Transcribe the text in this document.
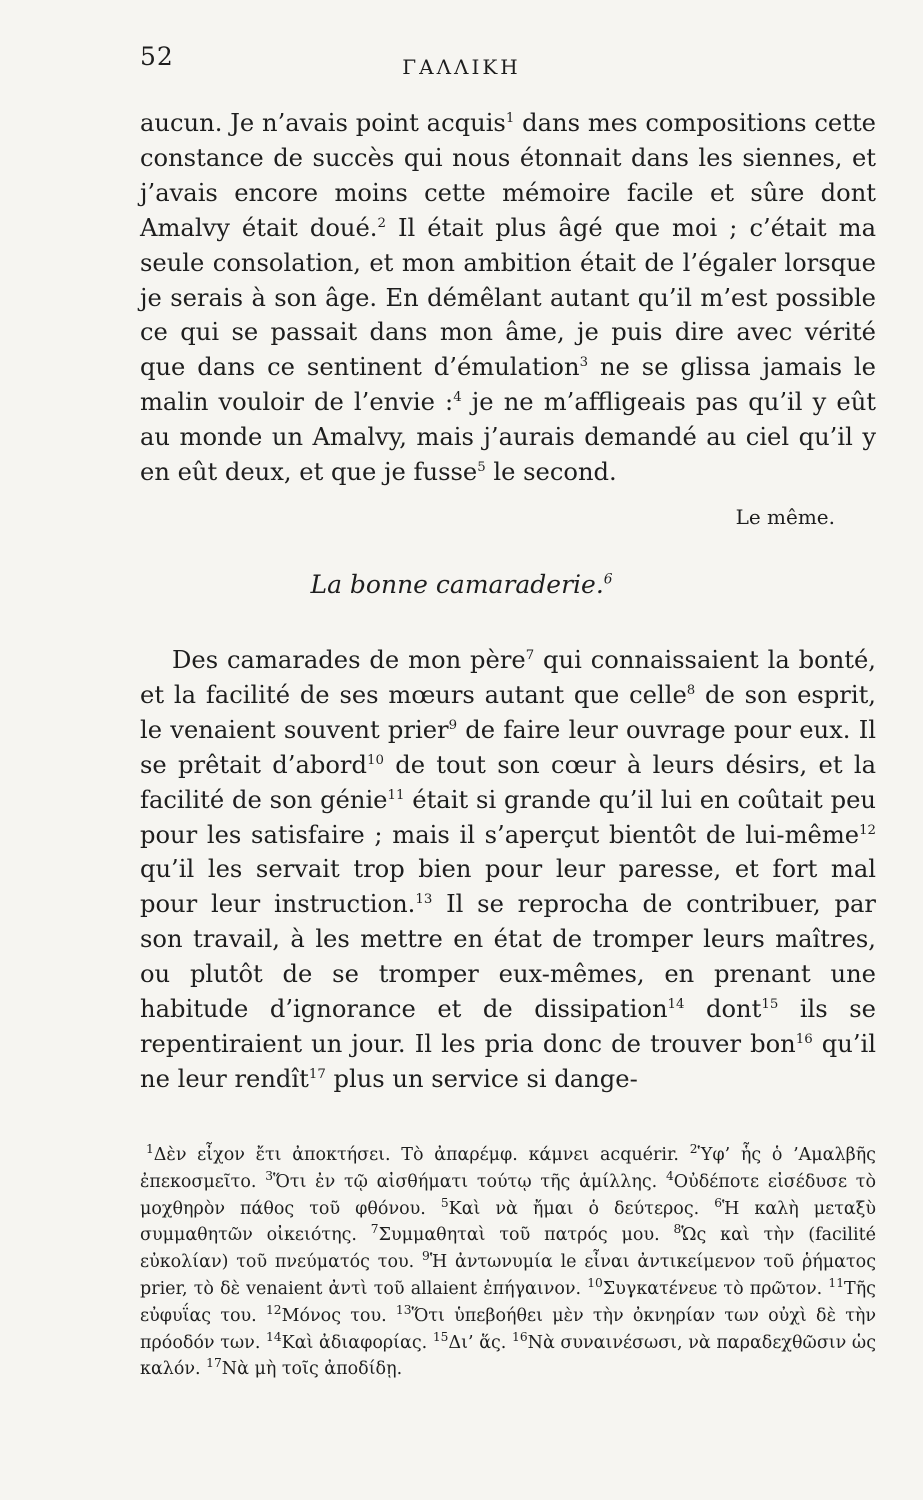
52	ΓΑΛΛΙΚΗ

aucun. Je n’avais point acquis$^1$ dans mes compositions cette constance de succès qui nous étonnait dans les siennes, et j’avais encore moins cette mémoire facile et sûre dont Amalvy était doué.$^2$ Il était plus âgé que moi ; c’était ma seule consolation, et mon ambition était de l’égaler lorsque je serais à son âge. En démêlant autant qu’il m’est possible ce qui se passait dans mon âme, je puis dire avec vérité que dans ce sentinent d’émulation$^3$ ne se glissa jamais le malin vouloir de l’envie :$^4$ je ne m’affligeais pas qu’il y eût au monde un Amalvy, mais j’aurais demandé au ciel qu’il y en eût deux, et que je fusse$^5$ le second.

Le même.
La bonne camaraderie.$^6$

Des camarades de mon père$^7$ qui connaissaient la bonté, et la facilité de ses mœurs autant que celle$^8$ de son esprit, le venaient souvent prier$^9$ de faire leur ouvrage pour eux. Il se prêtait d’abord$^{10}$ de tout son cœur à leurs désirs, et la facilité de son génie$^{11}$ était si grande qu’il lui en coûtait peu pour les satisfaire ; mais il s’aperçut bientôt de lui-même$^{12}$ qu’il les servait trop bien pour leur paresse, et fort mal pour leur instruction.$^{13}$ Il se reprocha de contribuer, par son travail, à les mettre en état de tromper leurs maîtres, ou plutôt de se tromper eux-mêmes, en prenant une habitude d’ignorance et de dissipation$^{14}$ dont$^{15}$ ils se repentiraient un jour. Il les pria donc de trouver bon$^{16}$ qu’il ne leur rendît$^{17}$ plus un service si dange-

$^1$Δὲν εἶχον ἔτι ἀποκτήσει. Τὸ ἀπαρέμφ. κάμνει acquérir. $^2$Ὑφ’ ἧς ὁ ’Αμαλβῆς ἐπεκοσμεῖτο. $^3$Ὅτι ἐν τῷ αἰσθήματι τούτῳ τῆς ἁμίλλης. $^4$Οὐδέποτε εἰσέδυσε τὸ μοχθηρὸν πάθος τοῦ φθόνου. $^5$Καὶ νὰ ἤμαι ὁ δεύτερος. $^6$Ἡ καλὴ μεταξὺ συμμαθητῶν οἰκειότης. $^7$Συμμαθηταὶ τοῦ πατρός μου. $^8$Ὡς καὶ τὴν (facilité εὐκολίαν) τοῦ πνεύματός του. $^9$Ἡ ἀντωνυμία le εἶναι ἀντικείμενον τοῦ ῥήματος prier, τὸ δὲ venaient ἀντὶ τοῦ allaient ἐπήγαινον. $^{10}$Συγκατένευε τὸ πρῶτον. $^{11}$Τῆς εὐφυΐας του. $^{12}$Μόνος του. $^{13}$Ὅτι ὑπεβοήθει μὲν τὴν ὀκνηρίαν των οὐχὶ δὲ τὴν πρόοδόν των. $^{14}$Καὶ ἀδιαφορίας. $^{15}$Δι’ ἅς. $^{16}$Νὰ συναινέσωσι, νὰ παραδεχθῶσιν ὡς καλόν. $^{17}$Νὰ μὴ τοῖς ἀποδίδῃ.
